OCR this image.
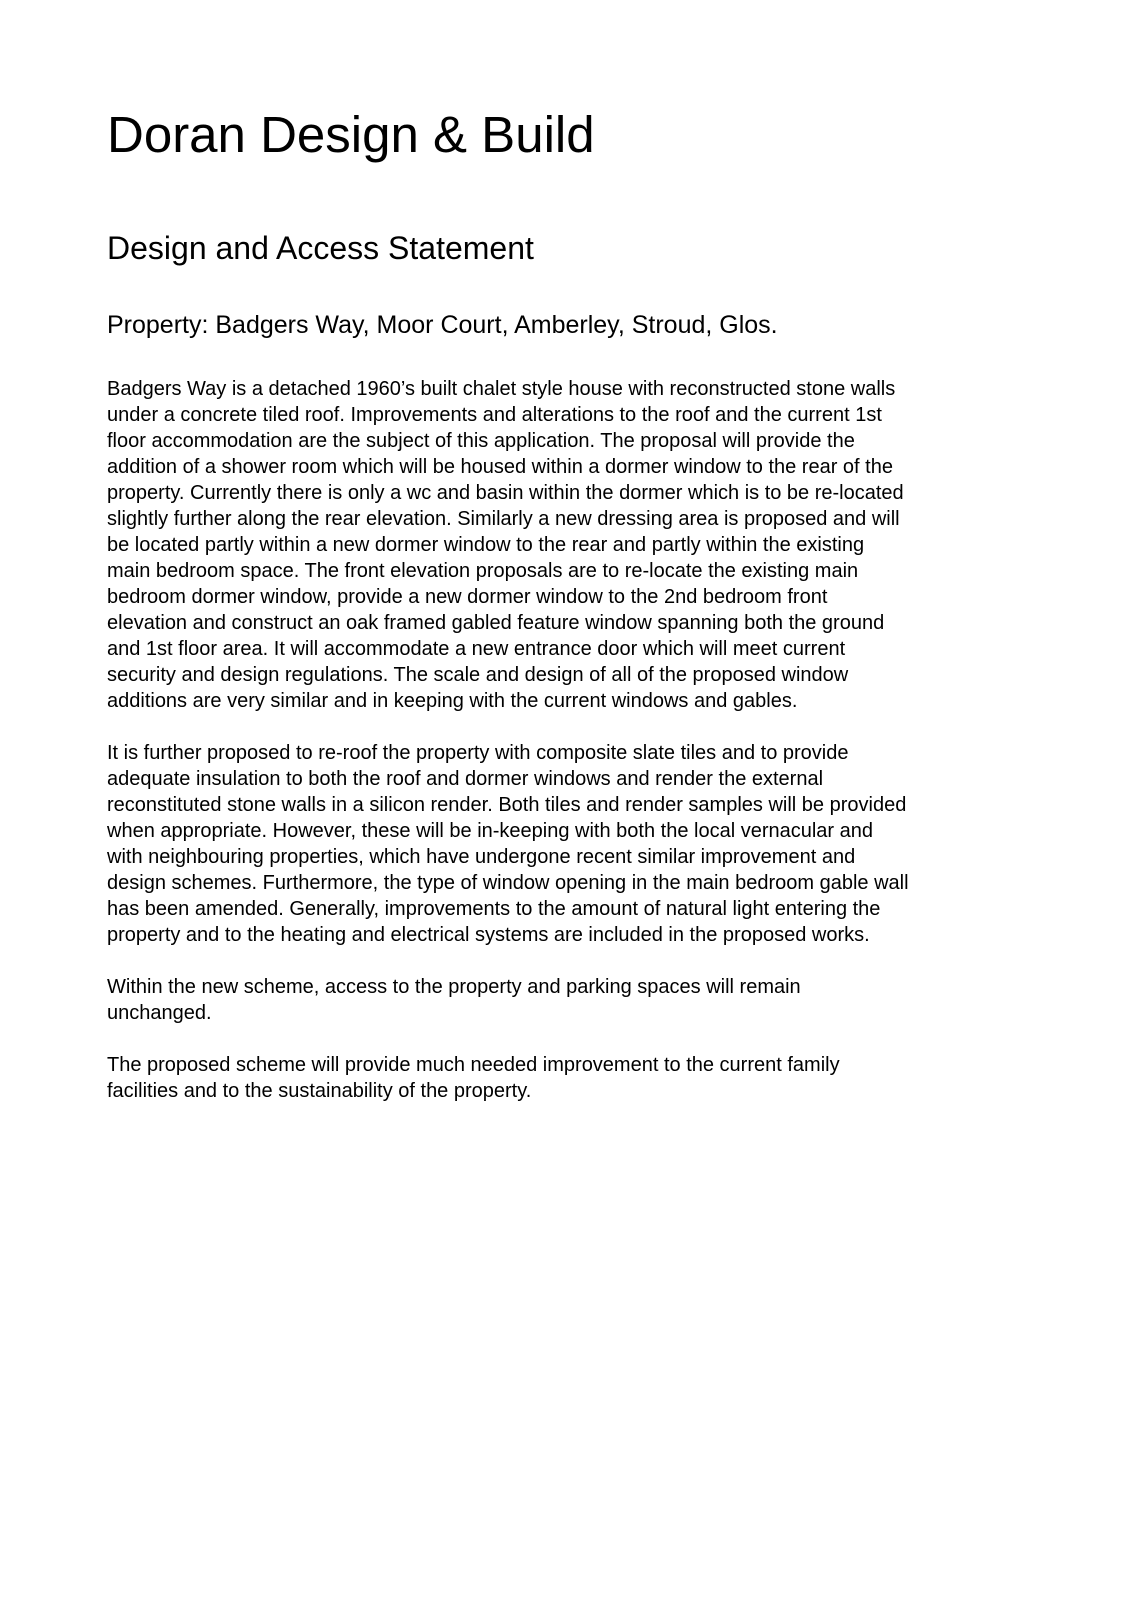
Doran Design & Build
Design and Access Statement
Property: Badgers Way, Moor Court, Amberley, Stroud, Glos.

Badgers Way is a detached 1960’s built chalet style house with reconstructed stone walls
under a concrete tiled roof. Improvements and alterations to the roof and the current 1st
floor accommodation are the subject of this application. The proposal will provide the
addition of a shower room which will be housed within a dormer window to the rear of the
property. Currently there is only a wc and basin within the dormer which is to be re-located
slightly further along the rear elevation. Similarly a new dressing area is proposed and will
be located partly within a new dormer window to the rear and partly within the existing
main bedroom space. The front elevation proposals are to re-locate the existing main
bedroom dormer window, provide a new dormer window to the 2nd bedroom front
elevation and construct an oak framed gabled feature window spanning both the ground
and 1st floor area. It will accommodate a new entrance door which will meet current
security and design regulations. The scale and design of all of the proposed window
additions are very similar and in keeping with the current windows and gables.

It is further proposed to re-roof the property with composite slate tiles and to provide
adequate insulation to both the roof and dormer windows and render the external
reconstituted stone walls in a silicon render. Both tiles and render samples will be provided
when appropriate. However, these will be in-keeping with both the local vernacular and
with neighbouring properties, which have undergone recent similar improvement and
design schemes. Furthermore, the type of window opening in the main bedroom gable wall
has been amended. Generally, improvements to the amount of natural light entering the
property and to the heating and electrical systems are included in the proposed works.

Within the new scheme, access to the property and parking spaces will remain
unchanged.

The proposed scheme will provide much needed improvement to the current family
facilities and to the sustainability of the property.
